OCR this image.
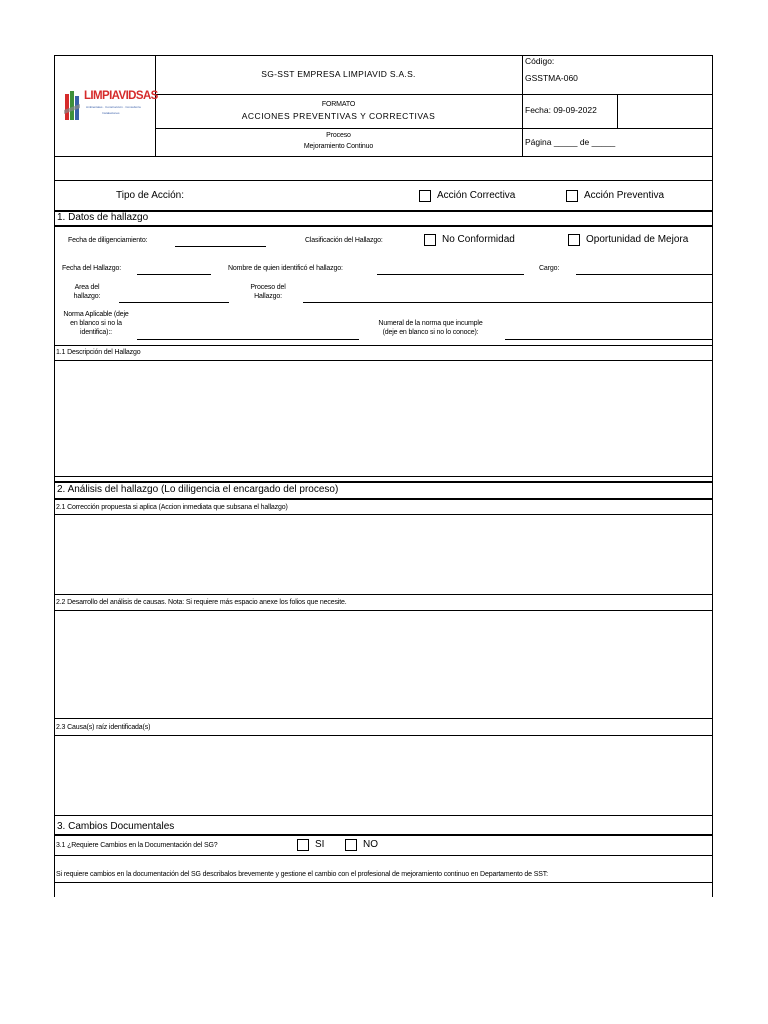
LIMPIAVIDSAS
Ambientales · Construcción · Consultoría
Instalaciones
SG-SST EMPRESA LIMPIAVID S.A.S.
FORMATO
ACCIONES PREVENTIVAS Y CORRECTIVAS
Proceso
Mejoramiento Continuo
Código:
GSSTMA-060
Fecha: 09-09-2022
Página _____ de _____
Tipo de Acción:	Acción Correctiva	Acción Preventiva
1. Datos de hallazgo
Fecha de diligenciamiento:	Clasificación del Hallazgo:	No Conformidad	Oportunidad de Mejora
Fecha del Hallazgo:	Nombre de quien identificó el hallazgo:	Cargo:
Area del
hallazgo:
Proceso del
Hallazgo:
Norma Aplicable (deje
en blanco si no la
identifica)::
Numeral de la norma que incumple
(deje en blanco si no lo conoce):
1.1 Descripción del Hallazgo
2. Análisis del hallazgo (Lo diligencia el encargado del proceso)
2.1 Corrección propuesta si aplica (Accion inmediata que subsana el hallazgo)
2.2 Desarrollo del análisis de causas. Nota: Si requiere más espacio anexe los folios que necesite.
2.3 Causa(s) raíz identificada(s)
3. Cambios Documentales
3.1 ¿Requiere Cambios en la Documentación del SG?	SI	NO
Si requiere cambios en la documentación del SG describalos brevemente y gestione el cambio con el profesional de mejoramiento continuo en Departamento de SST:
